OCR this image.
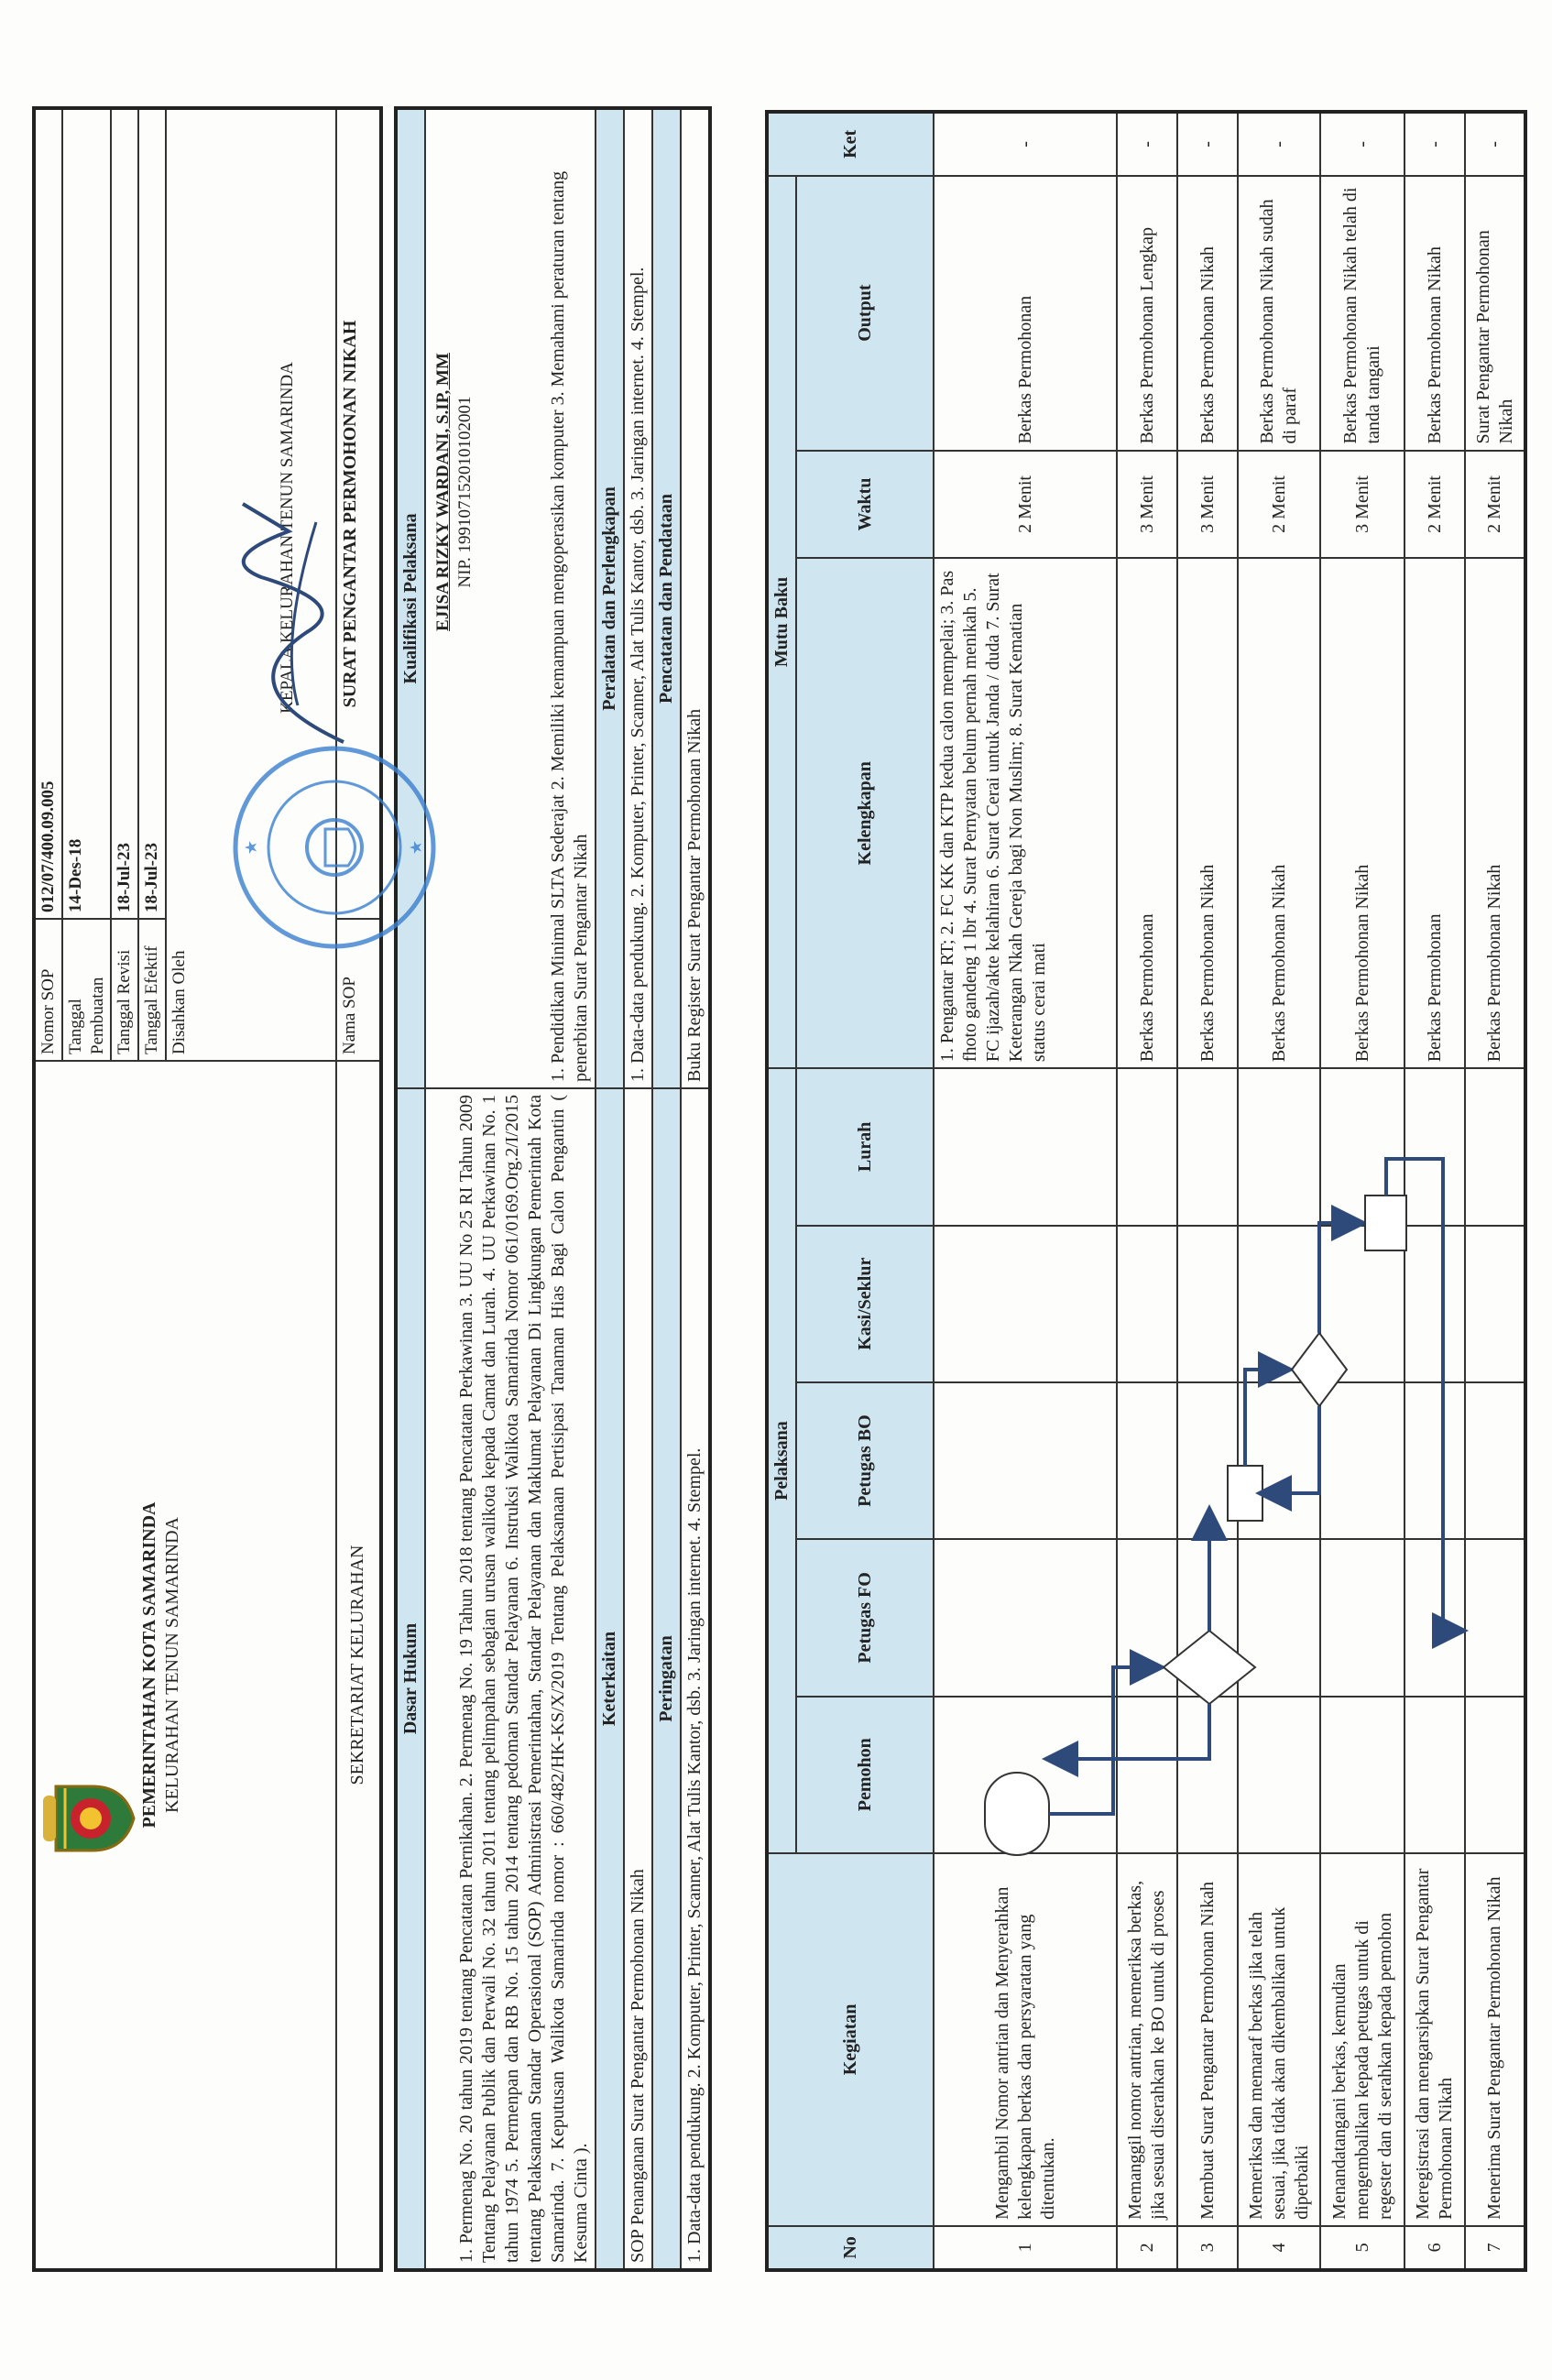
PEMERINTAHAN KOTA SAMARINDA KELURAHAN TENUN SAMARINDA	Nomor SOP	012/07/400.09.005
	Tanggal Pembuatan	14-Des-18
	Tanggal Revisi	18-Jul-23
	Tanggal Efektif	18-Jul-23
	Disahkan Oleh
KEPALA KELURAHAN TENUN SAMARINDA EJISA RIZKY WARDANI, S.IP, MM NIP. 199107152010102001	

SEKRETARIAT KELURAHAN	Nama SOP	SURAT PENGANTAR PERMOHONAN NIKAH
Dasar Hukum	Kualifikasi Pelaksana
1. Permenag No. 20 tahun 2019 tentang Pencatatan Pernikahan. 2. Permenag No. 19 Tahun 2018 tentang Pencatatan Perkawinan 3. UU No 25 RI Tahun 2009 Tentang Pelayanan Publik dan Perwali No. 32 tahun 2011 tentang pelimpahan sebagian urusan walikota kepada Camat dan Lurah. 4. UU Perkawinan No. 1 tahun 1974 5. Permenpan dan RB No. 15 tahun 2014 tentang pedoman Standar Pelayanan 6. Instruksi Walikota Samarinda Nomor 061/0169.Org.2/I/2015 tentang Pelaksanaan Standar Operasional (SOP) Administrasi Pemerintahan, Standar Pelayanan dan Maklumat Pelayanan Di Lingkungan Pemerintah Kota Samarinda. 7. Keputusan Walikota Samarinda nomor : 660/482/HK-KS/X/2019 Tentang Pelaksanaan Pertisipasi Tanaman Hias Bagi Calon Pengantin ( Kesuma Cinta ).	1. Pendidikan Minimal SLTA Sederajat 2. Memiliki kemampuan mengoperasikan komputer 3. Memahami peraturan tentang penerbitan Surat Pengantar Nikah
Keterkaitan	Peralatan dan Perlengkapan
SOP Penanganan Surat Pengantar Permohonan Nikah	1. Data-data pendukung. 2. Komputer, Printer, Scanner, Alat Tulis Kantor, dsb. 3. Jaringan internet. 4. Stempel.
Peringatan	Pencatatan dan Pendataan
1. Data-data pendukung. 2. Komputer, Printer, Scanner, Alat Tulis Kantor, dsb. 3. Jaringan internet. 4. Stempel.	Buku Register Surat Pengantar Permohonan Nikah
No	Kegiatan	Pelaksana					Mutu Baku			Ket
		Pemohon	Petugas FO	Petugas BO	Kasi/Seklur	Lurah	Kelengkapan	Waktu	Output	
1	Mengambil Nomor antrian dan Menyerahkan kelengkapan berkas dan persyaratan yang ditentukan.						1. Pengantar RT; 2. FC KK dan KTP kedua calon mempelai; 3. Pas fhoto gandeng 1 lbr 4. Surat Pernyatan belum pernah menikah 5. FC ijazah/akte kelahiran 6. Surat Cerai untuk Janda / duda 7. Surat Keterangan Nkah Gereja bagi Non Muslim; 8. Surat Kematian status cerai mati	2 Menit	Berkas Permohonan	-
2	Memanggil nomor antrian, memeriksa berkas, jika sesuai diserahkan ke BO untuk di proses						Berkas Permohonan	3 Menit	Berkas Permohonan Lengkap	-
3	Membuat Surat Pengantar Permohonan Nikah						Berkas Permohonan Nikah	3 Menit	Berkas Permohonan Nikah	-
4	Memeriksa dan memaraf berkas jika telah sesuai, jika tidak akan dikembalikan untuk diperbaiki						Berkas Permohonan Nikah	2 Menit	Berkas Permohonan Nikah sudah di paraf	-
5	Menandatangani berkas, kemudian mengembalikan kepada petugas untuk di regester dan di serahkan kepada pemohon						Berkas Permohonan Nikah	3 Menit	Berkas Permohonan Nikah telah di tanda tangani	-
6	Meregistrasi dan mengarsipkan Surat Pengantar Permohonan Nikah						Berkas Permohonan	2 Menit	Berkas Permohonan Nikah	-
7	Menerima Surat Pengantar Permohonan Nikah						Berkas Permohonan Nikah	2 Menit	Surat Pengantar Permohonan Nikah	-
★	★
